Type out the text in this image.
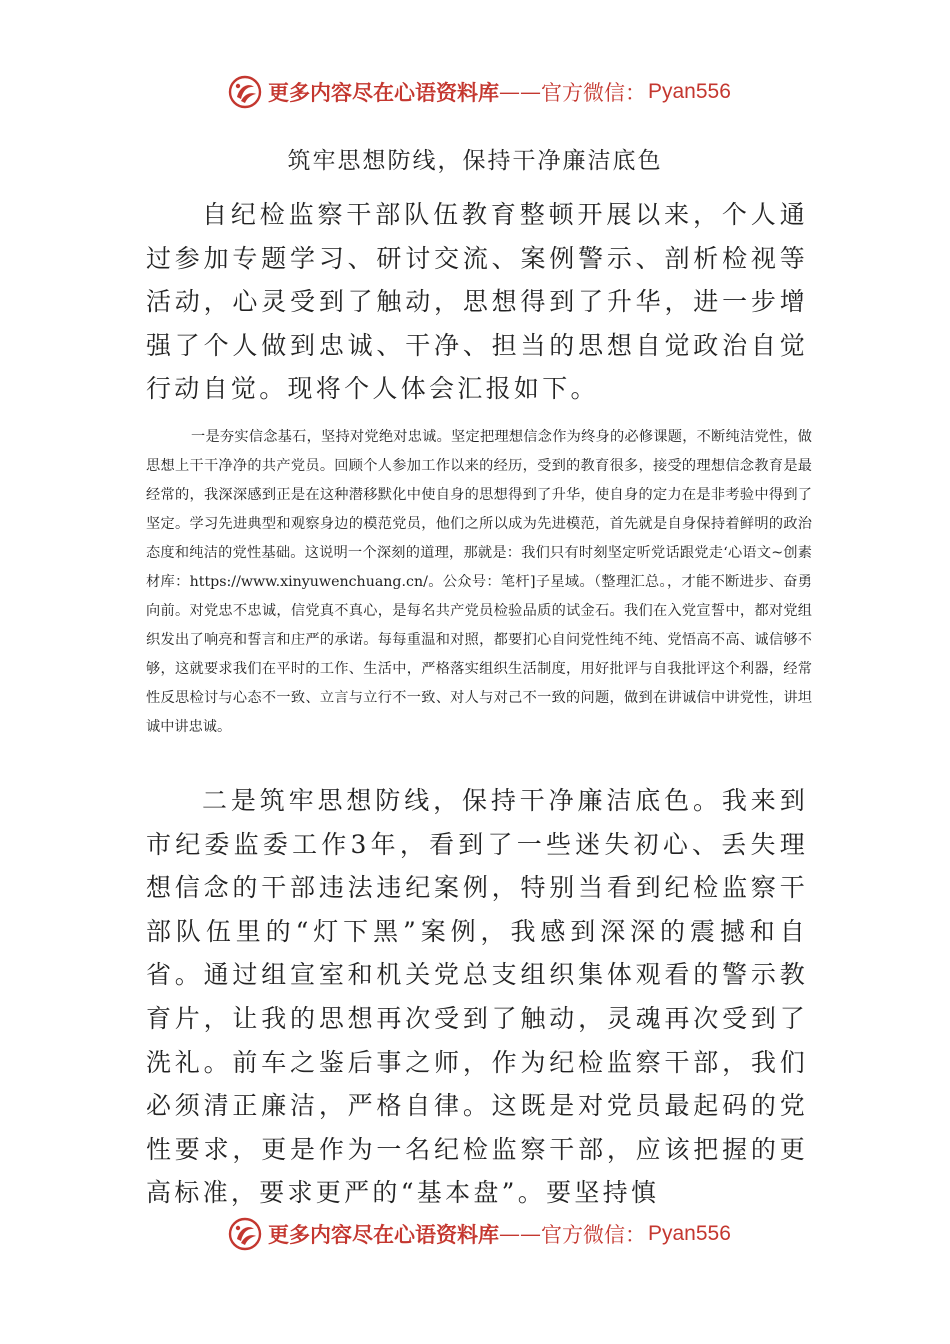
更多内容尽在心语资料库 —— 官方微信： Pyan556
筑牢思想防线，保持干净廉洁底色

自纪检监察干部队伍教育整顿开展以来，个人通过参加专题学习、研讨交流、案例警示、剖析检视等活动，心灵受到了触动，思想得到了升华，进一步增强了个人做到忠诚、干净、担当的思想自觉政治自觉行动自觉。现将个人体会汇报如下。

一是夯实信念基石，坚持对党绝对忠诚。坚定把理想信念作为终身的必修课题，不断纯洁党性，做思想上干干净净的共产党员。回顾个人参加工作以来的经历，受到的教育很多，接受的理想信念教育是最经常的，我深深感到正是在这种潜移默化中使自身的思想得到了升华，使自身的定力在是非考验中得到了坚定。学习先进典型和观察身边的模范党员，他们之所以成为先进模范，首先就是自身保持着鲜明的政治态度和纯洁的党性基础。这说明一个深刻的道理，那就是：我们只有时刻坚定听党话跟党走‘心语文~创素材库：https://www.xinyuwenchuang.cn/。公众号：笔杆]子星域。（整理汇总。，才能不断进步、奋勇向前。对党忠不忠诚，信党真不真心，是每名共产党员检验品质的试金石。我们在入党宣誓中，都对党组织发出了响亮和誓言和庄严的承诺。每每重温和对照，都要扪心自问党性纯不纯、党悟高不高、诚信够不够，这就要求我们在平时的工作、生活中，严格落实组织生活制度，用好批评与自我批评这个利器，经常性反思检讨与心态不一致、立言与立行不一致、对人与对己不一致的问题，做到在讲诚信中讲党性，讲坦诚中讲忠诚。

二是筑牢思想防线，保持干净廉洁底色。我来到市纪委监委工作3年，看到了一些迷失初心、丢失理想信念的干部违法违纪案例，特别当看到纪检监察干部队伍里的“灯下黑”案例，我感到深深的震撼和自省。通过组宣室和机关党总支组织集体观看的警示教育片，让我的思想再次受到了触动，灵魂再次受到了洗礼。前车之鉴后事之师，作为纪检监察干部，我们必须清正廉洁，严格自律。这既是对党员最起码的党性要求，更是作为一名纪检监察干部，应该把握的更高标准，要求更严的“基本盘”。要坚持慎

更多内容尽在心语资料库 —— 官方微信： Pyan556
